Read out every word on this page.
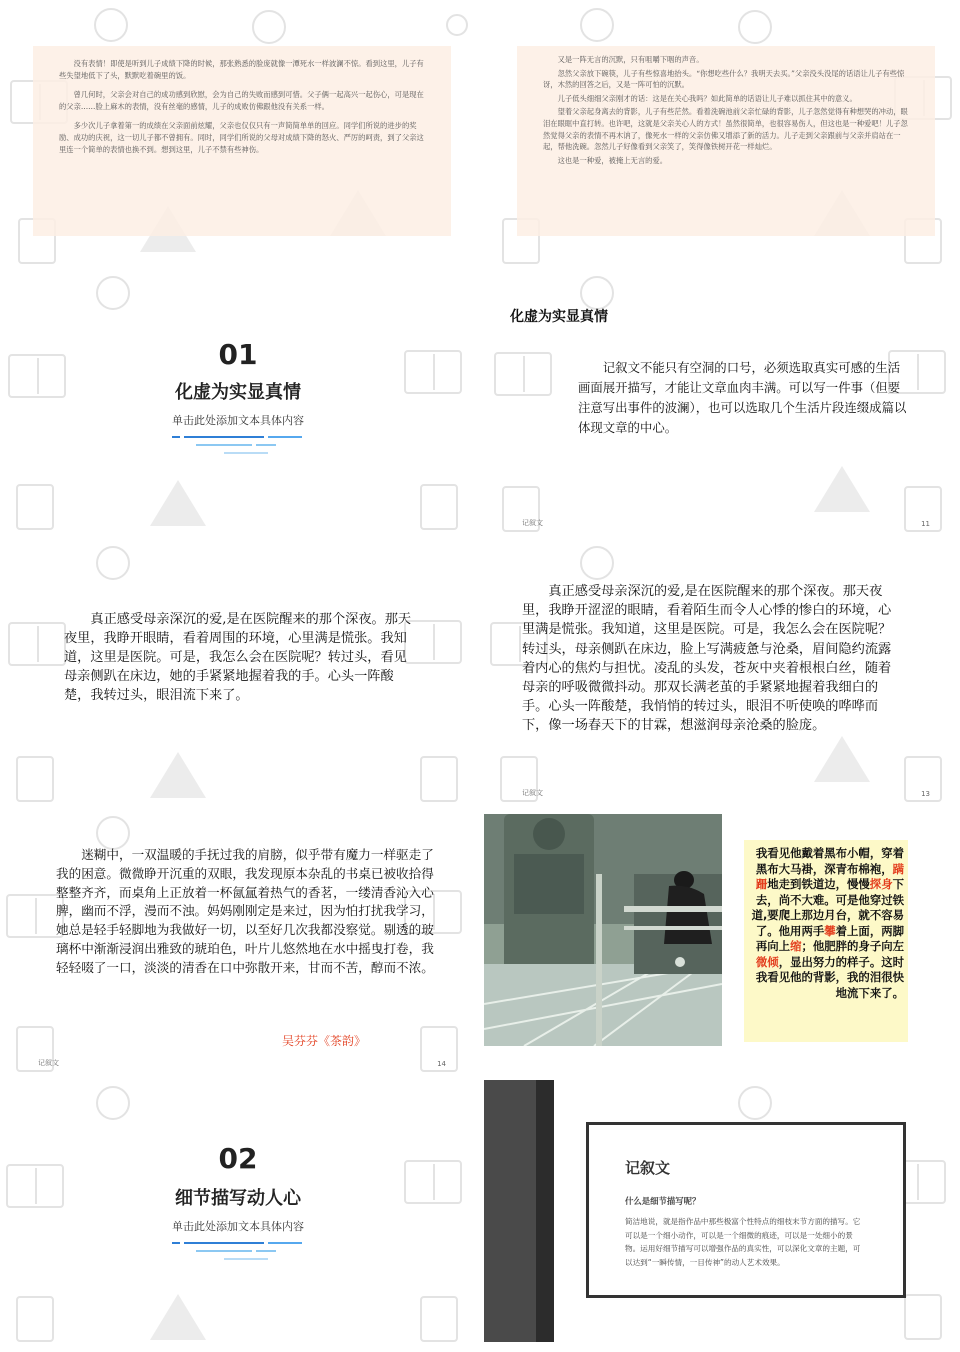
没有表情！即使是听到儿子成绩下降的时候，那张熟悉的脸庞就像一潭死水一样波澜不惊。看到这里，儿子有些失望地低下了头，默默吃着碗里的饭。

曾几何时，父亲会对自己的成功感到欣慰，会为自己的失败而感到可惜。父子俩一起高兴一起伤心，可是现在的父亲……脸上麻木的表情，没有丝毫的感情，儿子的成败仿佛跟他没有关系一样。

多少次儿子拿着第一的成绩在父亲面前炫耀，父亲也仅仅只有一声简简单单的回应。同学们所说的进步的奖励、成功的庆祝，这一切儿子都不曾拥有。同时，同学们所说的父母对成绩下降的怒火、严厉的呵责，到了父亲这里连一个简单的表情也换不到。想到这里，儿子不禁有些神伤。

又是一阵无言的沉默，只有咀嚼下咽的声音。

忽然父亲放下碗筷，儿子有些惊喜地抬头。“你想吃些什么？我明天去买。”父亲没头没尾的话语让儿子有些惊讶，木然的回答之后，又是一阵可怕的沉默。

儿子低头细细父亲刚才的话：这是在关心我吗？如此简单的话语让儿子难以抓住其中的意义。

望着父亲起身离去的背影，儿子有些茫然。看着洗碗池前父亲忙碌的背影，儿子忽然觉得有种想哭的冲动，眼泪在眼眶中直打转。也许吧，这就是父亲关心人的方式！虽然很简单，也很容易伤人，但这也是一种爱吧！儿子忽然觉得父亲的表情不再木讷了，像死水一样的父亲仿佛又增添了新的活力。儿子走到父亲跟前与父亲并肩站在一起，帮他洗碗。忽然儿子好像看到父亲笑了，笑得像铁树开花一样灿烂。

这也是一种爱，被掩上无言的爱。

01
化虚为实显真情
单击此处添加文本具体内容
化虚为实显真情
记叙文不能只有空洞的口号，必须选取真实可感的生活画面展开描写，才能让文章血肉丰满。可以写一件事（但要注意写出事件的波澜），也可以选取几个生活片段连缀成篇以体现文章的中心。
记叙文	11

真正感受母亲深沉的爱,是在医院醒来的那个深夜。那天夜里，我睁开眼睛，看着周围的环境，心里满是慌张。我知道，这里是医院。可是，我怎么会在医院呢？转过头，看见母亲侧趴在床边，她的手紧紧地握着我的手。心头一阵酸楚，我转过头，眼泪流下来了。

真正感受母亲深沉的爱,是在医院醒来的那个深夜。那天夜里，我睁开涩涩的眼睛，看着陌生而令人心悸的惨白的环境，心里满是慌张。我知道，这里是医院。可是，我怎么会在医院呢？转过头，母亲侧趴在床边，脸上写满疲惫与沧桑，眉间隐约流露着内心的焦灼与担忧。凌乱的头发，苍灰中夹着根根白丝，随着母亲的呼吸微微抖动。那双长满老茧的手紧紧地握着我细白的手。心头一阵酸楚，我悄悄的转过头，眼泪不听使唤的哗哗而下，像一场春天下的甘霖，想滋润母亲沧桑的脸庞。

记叙文	13

迷糊中，一双温暖的手抚过我的肩膀，似乎带有魔力一样驱走了我的困意。微微睁开沉重的双眼，我发现原本杂乱的书桌已被收拾得整整齐齐，而桌角上正放着一杯氤氲着热气的香茗，一缕清香沁入心脾，幽而不浮，漫而不浊。妈妈刚刚定是来过，因为怕打扰我学习，她总是轻手轻脚地为我做好一切，以至好几次我都没察觉。剔透的玻璃杯中渐渐浸润出雅致的琥珀色，叶片儿悠然地在水中摇曳打卷，我轻轻啜了一口，淡淡的清香在口中弥散开来，甘而不苦，醇而不浓。

吴芬芬《茶韵》
记叙文	14
我看见他戴着黑布小帽，穿着黑布大马褂，深青布棉袍，蹒跚地走到铁道边，慢慢探身下去，尚不大难。可是他穿过铁道,要爬上那边月台，就不容易了。他用两手攀着上面，两脚再向上缩；他肥胖的身子向左微倾，显出努力的样子。这时我看见他的背影，我的泪很快地流下来了。
02
细节描写动人心
单击此处添加文本具体内容
记叙文
什么是细节描写呢？
简洁地说，就是指作品中那些极富个性特点的细枝末节方面的描写。它可以是一个细小动作，可以是一个细微的痕迹，可以是一处细小的景物。运用好细节描写可以增强作品的真实性，可以深化文章的主题，可以达到“一瞬传情，一目传神”的动人艺术效果。
